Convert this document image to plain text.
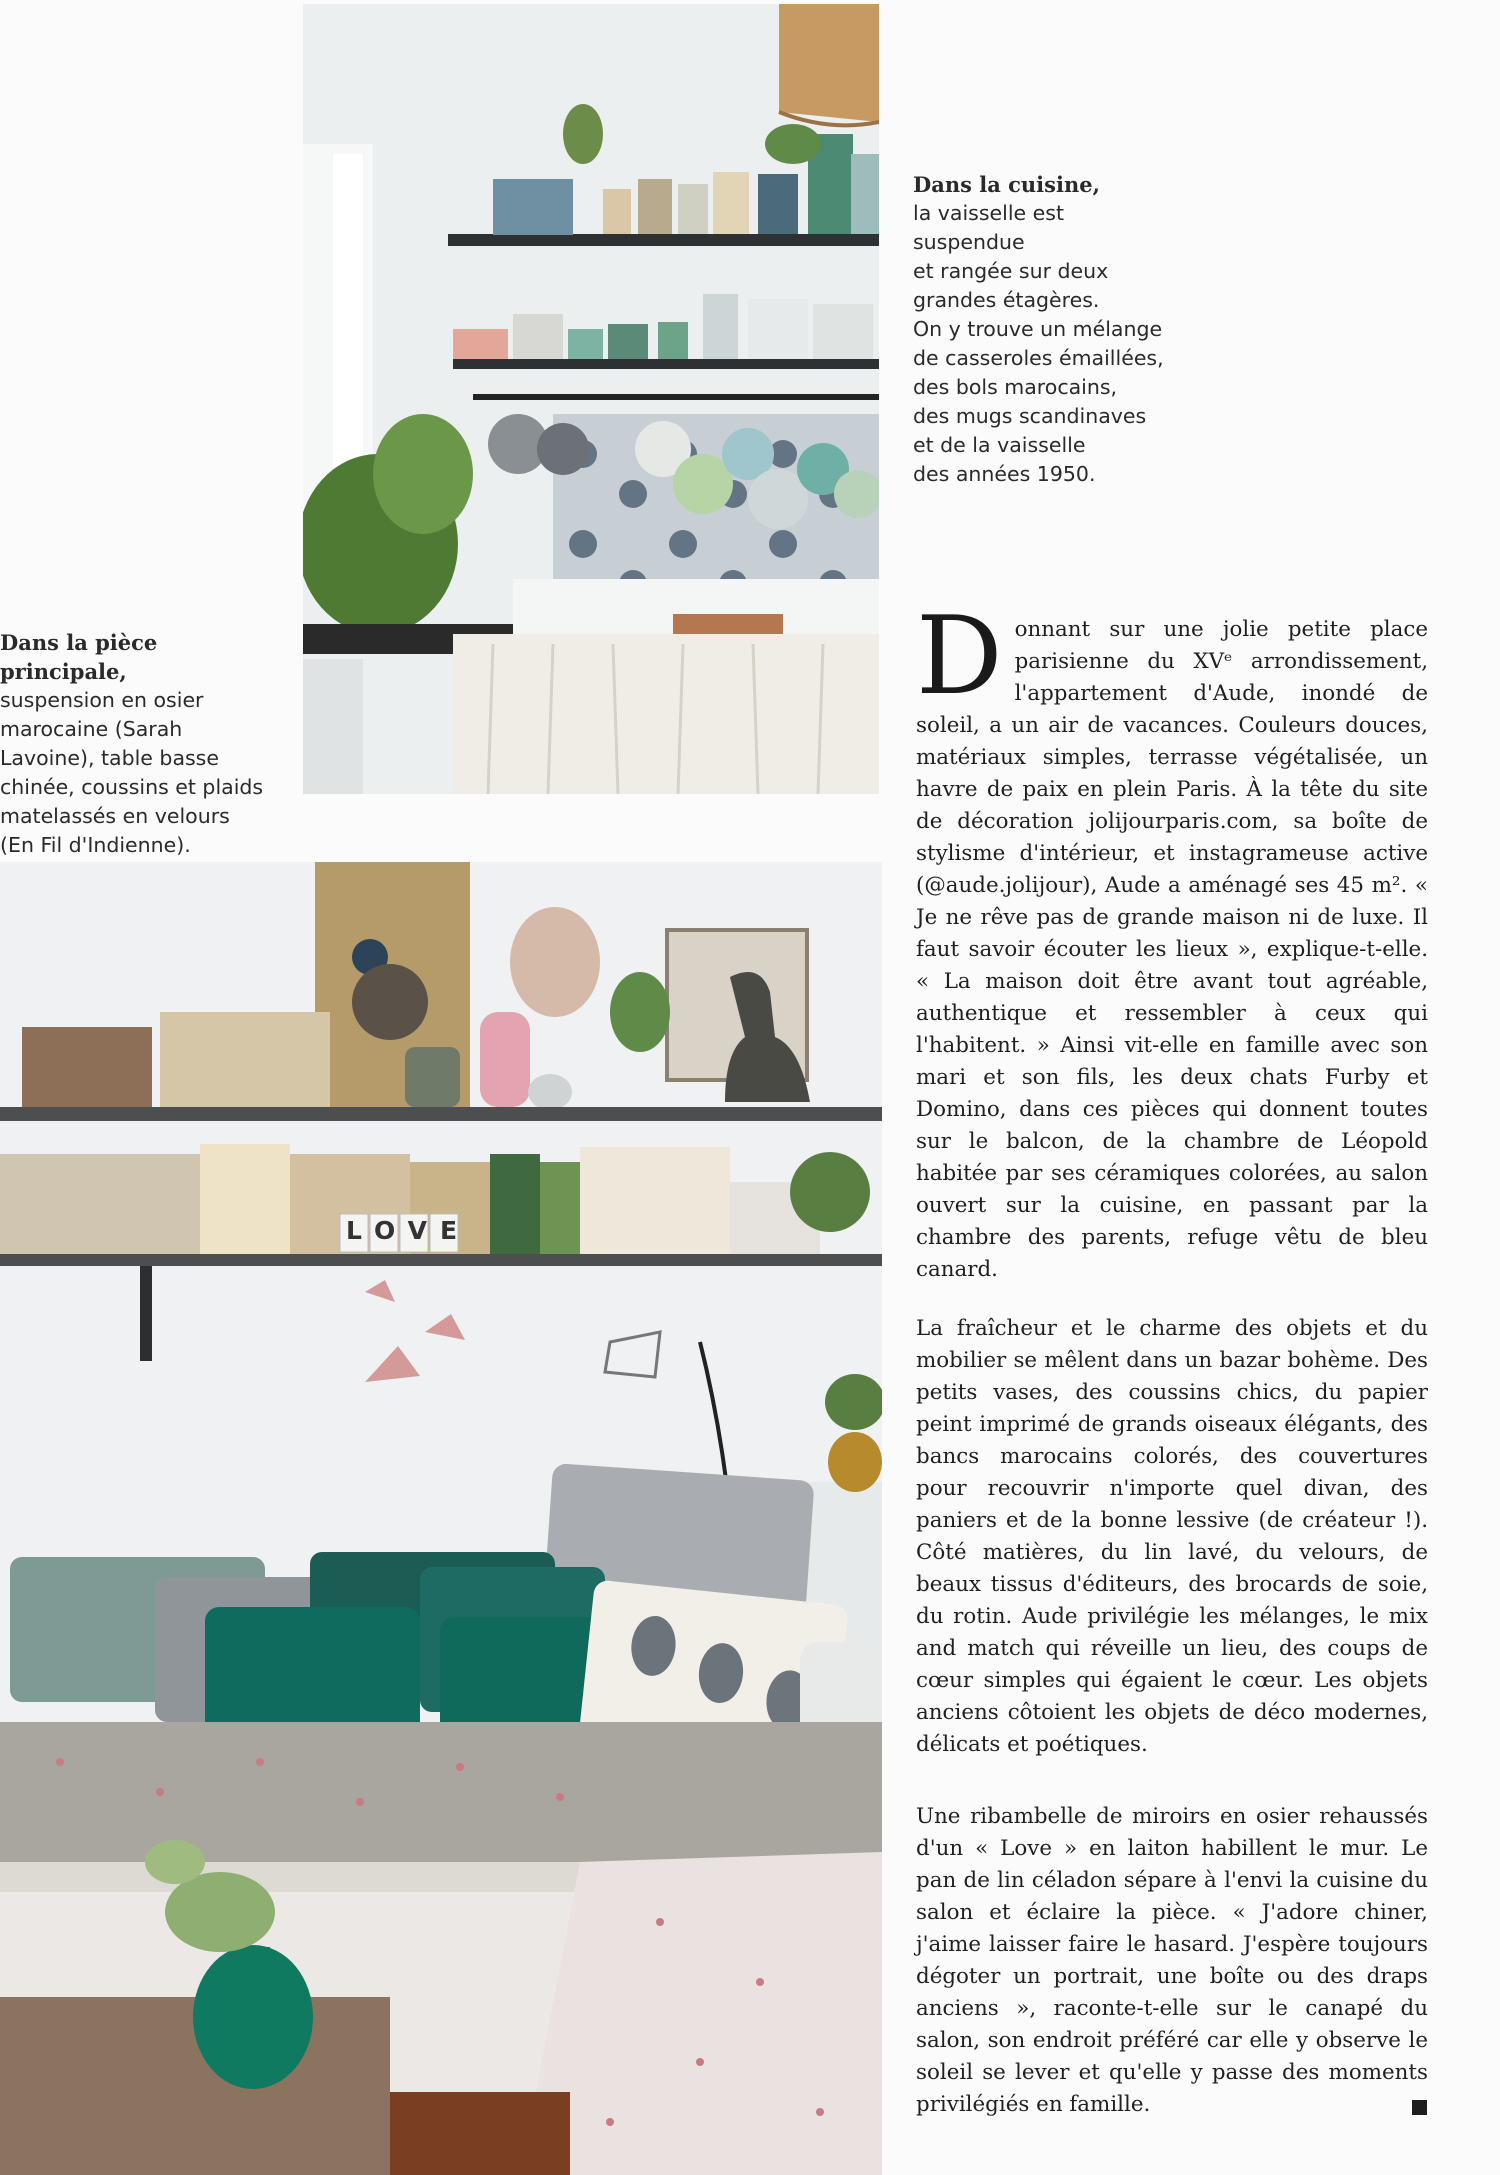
LOVE
Dans la cuisine,
la vaisselle est
suspendue
et rangée sur deux
grandes étagères.
On y trouve un mélange
de casseroles émaillées,
des bols marocains,
des mugs scandinaves
et de la vaisselle
des années 1950.
Dans la pièce principale,
suspension en osier
marocaine (Sarah
Lavoine), table basse
chinée, coussins et plaids
matelassés en velours
(En Fil d'Indienne).
Donnant sur une jolie petite place parisienne du XVᵉ arrondissement, l'appartement d'Aude, inondé de soleil, a un air de vacances. Couleurs douces, matériaux simples, terrasse végétalisée, un havre de paix en plein Paris. À la tête du site de décoration jolijourparis.com, sa boîte de stylisme d'intérieur, et instagrameuse active (@aude.jolijour), Aude a aménagé ses 45 m². « Je ne rêve pas de grande maison ni de luxe. Il faut savoir écouter les lieux », explique-t-elle. « La maison doit être avant tout agréable, authentique et ressembler à ceux qui l'habitent. » Ainsi vit-elle en famille avec son mari et son fils, les deux chats Furby et Domino, dans ces pièces qui donnent toutes sur le balcon, de la chambre de Léopold habitée par ses céramiques colorées, au salon ouvert sur la cuisine, en passant par la chambre des parents, refuge vêtu de bleu canard.
La fraîcheur et le charme des objets et du mobilier se mêlent dans un bazar bohème. Des petits vases, des coussins chics, du papier peint imprimé de grands oiseaux élégants, des bancs marocains colorés, des couvertures pour recouvrir n'importe quel divan, des paniers et de la bonne lessive (de créateur !). Côté matières, du lin lavé, du velours, de beaux tissus d'éditeurs, des brocards de soie, du rotin. Aude privilégie les mélanges, le mix and match qui réveille un lieu, des coups de cœur simples qui égaient le cœur. Les objets anciens côtoient les objets de déco modernes, délicats et poétiques.
Une ribambelle de miroirs en osier rehaussés d'un « Love » en laiton habillent le mur. Le pan de lin céladon sépare à l'envi la cuisine du salon et éclaire la pièce. « J'adore chiner, j'aime laisser faire le hasard. J'espère toujours dégoter un portrait, une boîte ou des draps anciens », raconte-t-elle sur le canapé du salon, son endroit préféré car elle y observe le soleil se lever et qu'elle y passe des moments privilégiés en famille.
